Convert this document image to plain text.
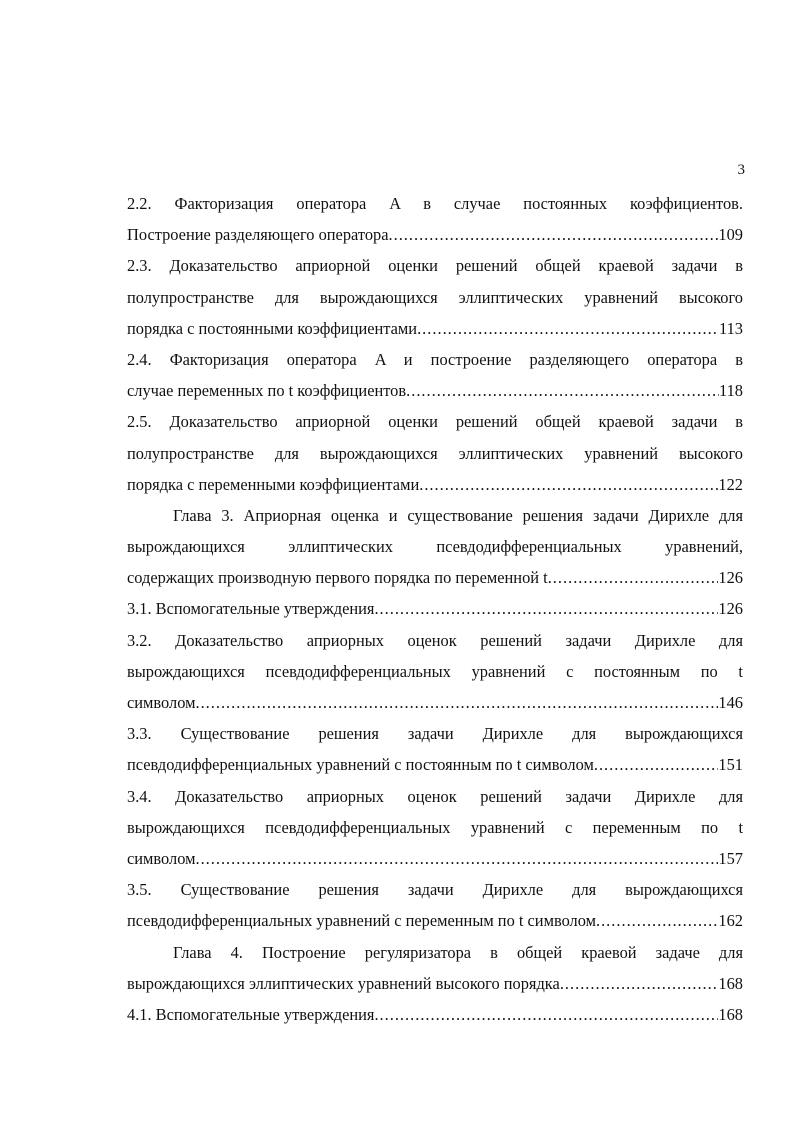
3
2.2. Факторизация оператора A в случае постоянных коэффициентов.
Построение разделяющего оператора .....	109
2.3. Доказательство априорной оценки решений общей краевой задачи в
полупространстве для вырождающихся эллиптических уравнений высокого
порядка с постоянными коэффициентами .....	113
2.4. Факторизация оператора A и построение разделяющего оператора в
случае переменных по t коэффициентов .....	118
2.5. Доказательство априорной оценки решений общей краевой задачи в
полупространстве для вырождающихся эллиптических уравнений высокого
порядка с переменными коэффициентами .....	122
Глава 3. Априорная оценка и существование решения задачи Дирихле для
вырождающихся эллиптических псевдодифференциальных уравнений,
содержащих производную первого порядка по переменной t .....	126
3.1. Вспомогательные утверждения .....	126
3.2. Доказательство априорных оценок решений задачи Дирихле для
вырождающихся псевдодифференциальных уравнений с постоянным по t
символом .....	146
3.3. Существование решения задачи Дирихле для вырождающихся
псевдодифференциальных уравнений с постоянным по t символом .....	151
3.4. Доказательство априорных оценок решений задачи Дирихле для
вырождающихся псевдодифференциальных уравнений с переменным по t
символом .....	157
3.5. Существование решения задачи Дирихле для вырождающихся
псевдодифференциальных уравнений с переменным по t символом .....	162
Глава 4. Построение регуляризатора в общей краевой задаче для
вырождающихся эллиптических уравнений высокого порядка .....	168
4.1. Вспомогательные утверждения .....	168
